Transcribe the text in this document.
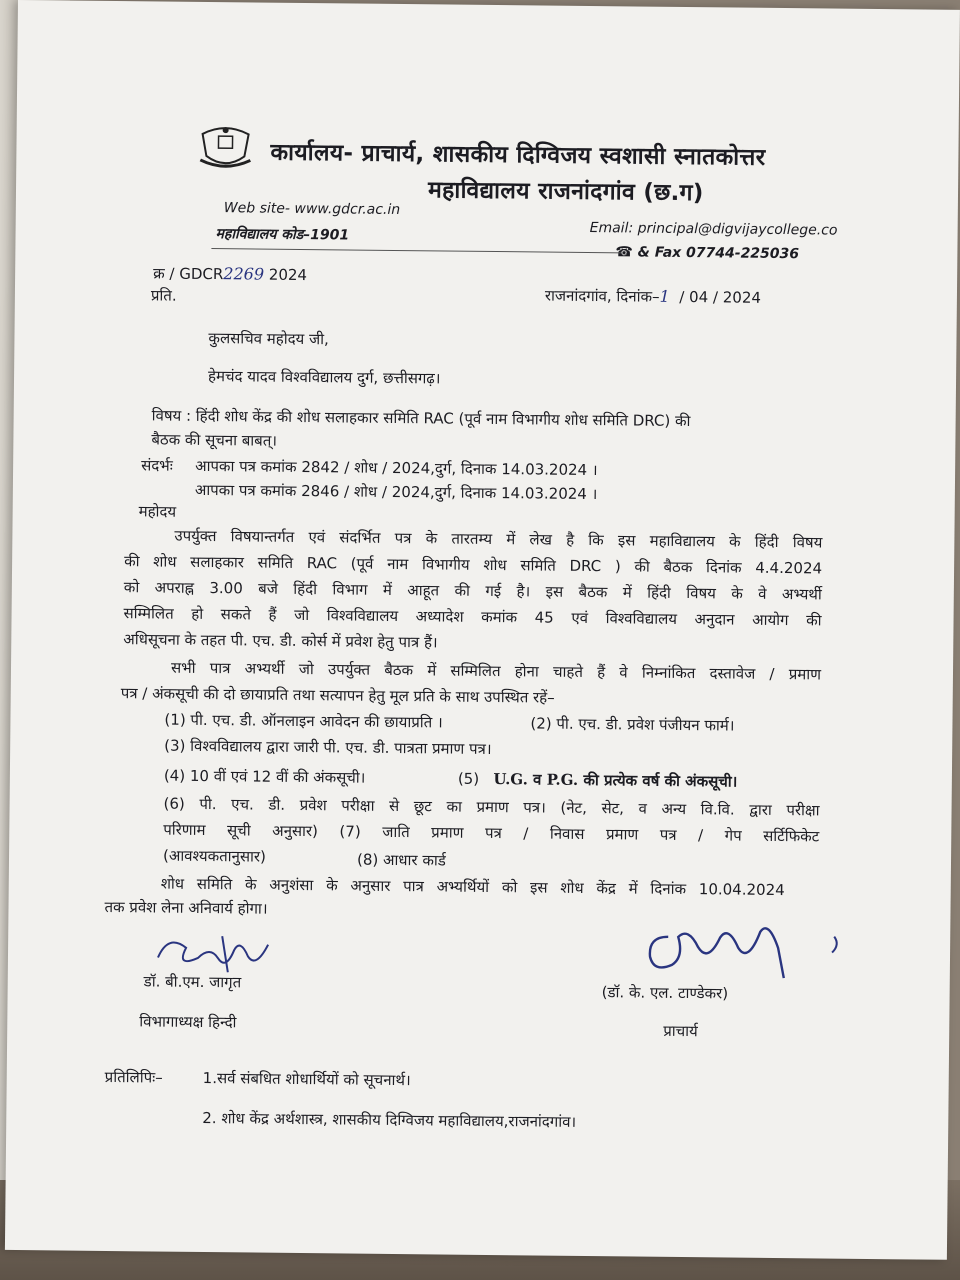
कार्यालय- प्राचार्य, शासकीय दिग्विजय स्वशासी स्नातकोत्तर
महाविद्यालय राजनांदगांव (छ.ग)
Web site- www.gdcr.ac.in
महाविद्यालय कोड–1901	Email: principal@digvijaycollege.co
☎ & Fax 07744-225036
क्र / GDCR2269 2024
प्रति.	राजनांदगांव, दिनांक–1 / 04 / 2024
कुलसचिव महोदय जी,
हेमचंद यादव विश्वविद्यालय दुर्ग, छत्तीसगढ़।
विषय : हिंदी शोध केंद्र की शोध सलाहकार समिति RAC (पूर्व नाम विभागीय शोध समिति DRC) की
बैठक की सूचना बाबत्।
संदर्भः आपका पत्र कमांक 2842 / शोध / 2024,दुर्ग, दिनाक 14.03.2024 ।
आपका पत्र कमांक 2846 / शोध / 2024,दुर्ग, दिनाक 14.03.2024 ।
महोदय
उपर्युक्त विषयान्तर्गत एवं संदर्भित पत्र के तारतम्य में लेख है कि इस महाविद्यालय के हिंदी विषय
की शोध सलाहकार समिति RAC (पूर्व नाम विभागीय शोध समिति DRC ) की बैठक दिनांक 4.4.2024
को अपराह्न 3.00 बजे हिंदी विभाग में आहूत की गई है। इस बैठक में हिंदी विषय के वे अभ्यर्थी
सम्मिलित हो सकते हैं जो विश्वविद्यालय अध्यादेश कमांक 45 एवं विश्वविद्यालय अनुदान आयोग की
अधिसूचना के तहत पी. एच. डी. कोर्स में प्रवेश हेतु पात्र हैं।
सभी पात्र अभ्यर्थी जो उपर्युक्त बैठक में सम्मिलित होना चाहते हैं वे निम्नांकित दस्तावेज / प्रमाण
पत्र / अंकसूची की दो छायाप्रति तथा सत्यापन हेतु मूल प्रति के साथ उपस्थित रहें–
(1) पी. एच. डी. ऑनलाइन आवेदन की छायाप्रति ।	(2) पी. एच. डी. प्रवेश पंजीयन फार्म।
(3) विश्वविद्यालय द्वारा जारी पी. एच. डी. पात्रता प्रमाण पत्र।
(4) 10 वीं एवं 12 वीं की अंकसूची।	(5) U.G. व P.G. की प्रत्येक वर्ष की अंकसूची।
(6) पी. एच. डी. प्रवेश परीक्षा से छूट का प्रमाण पत्र। (नेट, सेट, व अन्य वि.वि. द्वारा परीक्षा
परिणाम सूची अनुसार) (7) जाति प्रमाण पत्र / निवास प्रमाण पत्र / गेप सर्टिफिकेट
(आवश्यकतानुसार)	(8) आधार कार्ड
शोध समिति के अनुशंसा के अनुसार पात्र अभ्यर्थियों को इस शोध केंद्र में दिनांक 10.04.2024
तक प्रवेश लेना अनिवार्य होगा।
डॉ. बी.एम. जागृत
विभागाध्यक्ष हिन्दी
(डॉ. के. एल. टाण्डेकर)
प्राचार्य
प्रतिलिपिः–	1.सर्व संबधित शोधार्थियों को सूचनार्थ।
2. शोध केंद्र अर्थशास्त्र, शासकीय दिग्विजय महाविद्यालय,राजनांदगांव।
